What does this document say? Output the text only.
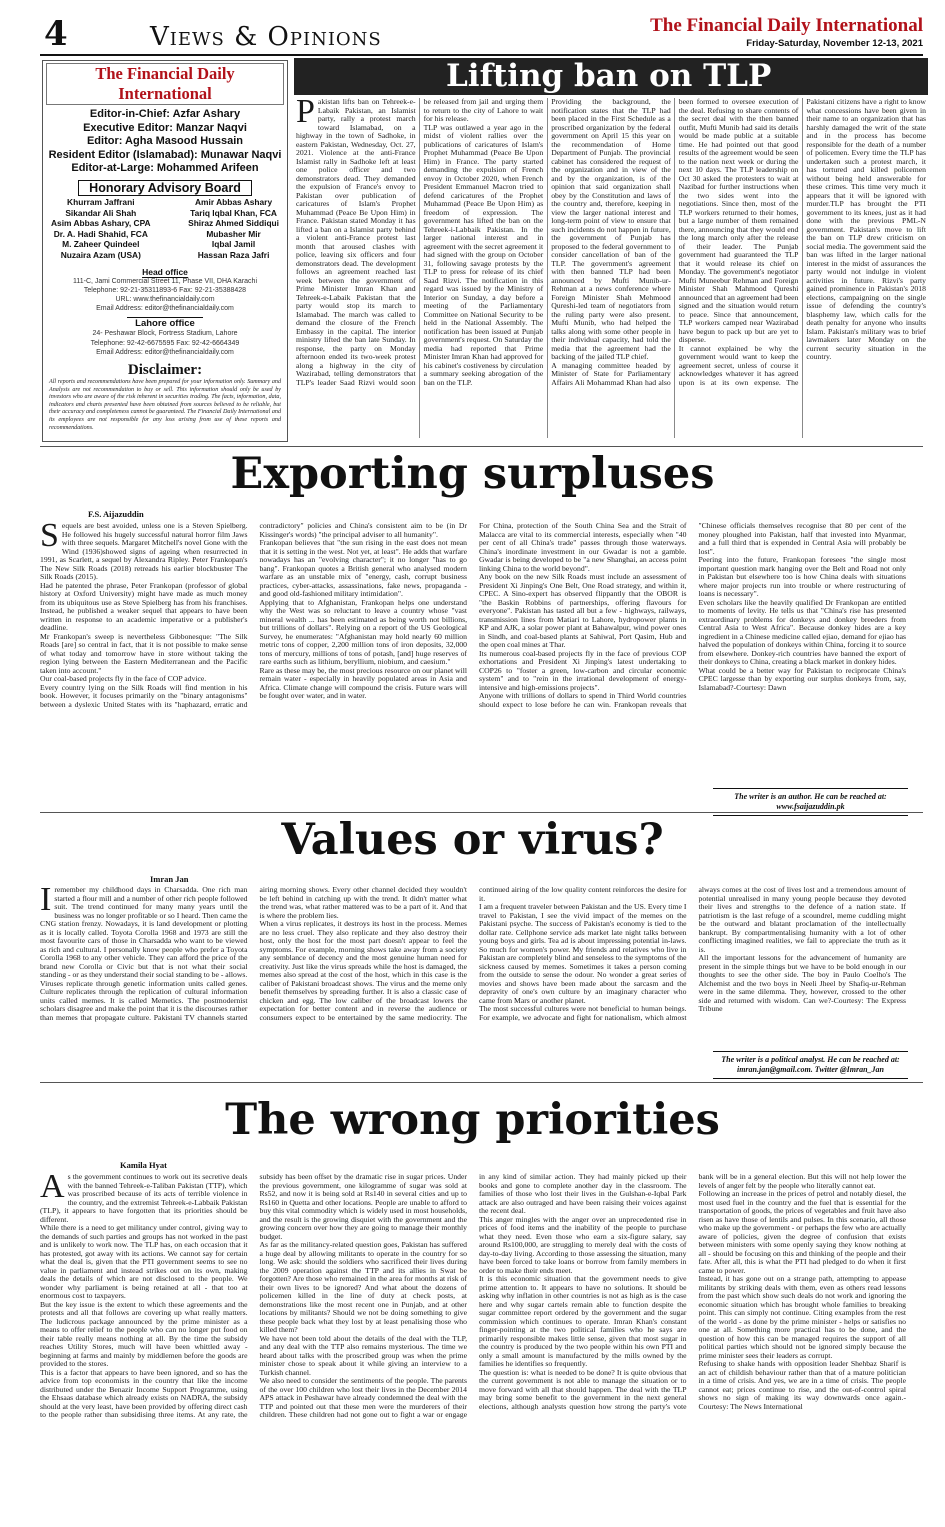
4	Views & Opinions	The Financial Daily International
Friday-Saturday, November 12-13, 2021
The Financial Daily International
Editor-in-Chief: Azfar Ashary
Executive Editor: Manzar Naqvi
Editor: Agha Masood Hussain
Resident Editor (Islamabad): Munawar Naqvi
Editor-at-Large: Mohammed Arifeen
Honorary Advisory Board
Khurram Jaffrani
Sikandar Ali Shah
Asim Abbas Ashary, CPA
Dr. A. Hadi Shahid, FCA
M. Zaheer Quindeel
Nuzaira Azam (USA)
Amir Abbas Ashary
Tariq Iqbal Khan, FCA
Shiraz Ahmed Siddiqui
Mubasher Mir
Iqbal Jamil
Hassan Raza Jafri
Head office
111-C, Jami Commercial Street 11, Phase VII, DHA Karachi
Telephone: 92-21-35311893-6 Fax: 92-21-35388428
URL: www.thefinancialdaily.com
Email Address: editor@thefinancialdaily.com
Lahore office
24- Peshawar Block, Fortress Stadium, Lahore
Telephone: 92-42-6675595 Fax: 92-42-6664349
Email Address: editor@thefinancialdaily.com
Disclaimer:
All reports and recommendations have been prepared for your information only. Summary and Analysis are not recommendation to buy or sell. This information should only be used by investors who are aware of the risk inherent in securities trading. The facts, information, data, indicators and charts presented have been obtained from sources believed to be reliable, but their accuracy and completeness cannot be guaranteed. The Financial Daily International and its employees are not responsible for any loss arising from use of these reports and recommendations.
Lifting ban on TLP

Pakistan lifts ban on Tehreek-e-Labaik Pakistan, an Islamist party, rally a protest march toward Islamabad, on a highway in the town of Sadhoke, in eastern Pakistan, Wednesday, Oct. 27, 2021. Violence at the anti-France Islamist rally in Sadhoke left at least one police officer and two demonstrators dead. They demanded the expulsion of France's envoy to Pakistan over publication of caricatures of Islam's Prophet Muhammad (Peace Be Upon Him) in France. Pakistan stated Monday it has lifted a ban on a Islamist party behind a violent anti-France protest last month that aroused clashes with police, leaving six officers and four demonstrators dead. The development follows an agreement reached last week between the government of Prime Minister Imran Khan and Tehreek-e-Labaik Pakistan that the party would stop its march to Islamabad. The march was called to demand the closure of the French Embassy in the capital. The interior ministry lifted the ban late Sunday. In response, the party on Monday afternoon ended its two-week protest along a highway in the city of Wazirabad, telling demonstrators that TLP's leader Saad Rizvi would soon be released from jail and urging them to return to the city of Lahore to wait for his release.

TLP was outlawed a year ago in the midst of violent rallies over the publications of caricatures of Islam's Prophet Muhammad (Peace Be Upon Him) in France. The party started demanding the expulsion of French envoy in October 2020, when French President Emmanuel Macron tried to defend caricatures of the Prophet Muhammad (Peace Be Upon Him) as freedom of expression. The government has lifted the ban on the Tehreek-i-Labbaik Pakistan. In the larger national interest and in agreement with the secret agreement it had signed with the group on October 31, following savage protests by the TLP to press for release of its chief Saad Rizvi. The notification in this regard was issued by the Ministry of Interior on Sunday, a day before a meeting of the Parliamentary Committee on National Security to be held in the National Assembly. The notification has been issued at Punjab government's request. On Saturday the media had reported that Prime Minister Imran Khan had approved for his cabinet's costiveness by circulation a summary seeking abrogation of the ban on the TLP.

Providing the background, the notification states that the TLP had been placed in the First Schedule as a proscribed organization by the federal government on April 15 this year on the recommendation of Home Department of Punjab. The provincial cabinet has considered the request of the organization and in view of the and by the organization, is of the opinion that said organization shall obey by the Constitution and laws of the country and, therefore, keeping in view the larger national interest and long-term point of view to ensure that such incidents do not happen in future, the government of Punjab has proposed to the federal government to consider cancellation of ban of the TLP. The government's agreement with then banned TLP had been announced by Mufti Munib-ur-Rehman at a news conference where Foreign Minister Shah Mehmood Qureshi-led team of negotiators from the ruling party were also present. Mufti Munib, who had helped the talks along with some other people in their individual capacity, had told the media that the agreement had the backing of the jailed TLP chief.

A managing committee headed by Minister of State for Parliamentary Affairs Ali Mohammad Khan had also been formed to oversee execution of the deal. Refusing to share contents of the secret deal with the then banned outfit, Mufti Munib had said its details would be made public at a suitable time. He had pointed out that good results of the agreement would be seen to the nation next week or during the next 10 days. The TLP leadership on Oct 30 asked the protesters to wait at Nazibad for further instructions when the two sides went into the negotiations. Since then, most of the TLP workers returned to their homes, but a large number of them remained there, announcing that they would end the long march only after the release of their leader. The Punjab government had guaranteed the TLP that it would release its chief on Monday. The government's negotiator Mufti Muneebur Rehman and Foreign Minister Shah Mahmood Qureshi announced that an agreement had been signed and the situation would return to peace. Since that announcement, TLP workers camped near Wazirabad have begun to pack up but are yet to disperse.

It cannot explained be why the government would want to keep the agreement secret, unless of course it acknowledges whatever it has agreed upon is at its own expense. The Pakistani citizens have a right to know what concessions have been given in their name to an organization that has harshly damaged the writ of the state and in the process has become responsible for the death of a number of policemen. Every time the TLP has undertaken such a protest march, it has tortured and killed policemen without being held answerable for these crimes. This time very much it appears that it will be ignored with murder.TLP has brought the PTI government to its knees, just as it had done with the previous PML-N government. Pakistan's move to lift the ban on TLP drew criticism on social media. The government said the ban was lifted in the larger national interest in the midst of assurances the party would not indulge in violent activities in future. Rizvi's party gained prominence in Pakistan's 2018 elections, campaigning on the single issue of defending the country's blasphemy law, which calls for the death penalty for anyone who insults Islam. Pakistan's military was to brief lawmakers later Monday on the current security situation in the country.

Exporting surpluses
F.S. Aijazuddin

Sequels are best avoided, unless one is a Steven Spielberg. He followed his hugely successful natural horror film Jaws with three sequels. Margaret Mitchell's novel Gone with the Wind (1936)showed signs of ageing when resurrected in 1991, as Scarlett, a sequel by Alexandra Ripley. Peter Frankopan's The New Silk Roads (2018) retreads his earlier blockbuster The Silk Roads (2015).

Had he patented the phrase, Peter Frankopan (professor of global history at Oxford University) might have made as much money from its ubiquitous use as Steve Spielberg has from his franchises. Instead, he published a weaker sequel that appears to have been written in response to an academic imperative or a publisher's deadline.

Mr Frankopan's sweep is nevertheless Gibbonesque: "The Silk Roads [are] so central in fact, that it is not possible to make sense of what today and tomorrow have in store without taking the region lying between the Eastern Mediterranean and the Pacific taken into account."

Our coal-based projects fly in the face of COP advice.

Every country lying on the Silk Roads will find mention in his book. However, it focuses primarily on the "binary antagonisms" between a dyslexic United States with its "haphazard, erratic and contradictory" policies and China's consistent aim to be (in Dr Kissinger's words) "the principal adviser to all humanity".

Frankopan believes that "the sun rising in the east does not mean that it is setting in the west. Not yet, at least". He adds that warfare nowadays has an "evolving character"; it no longer "has to go bang". Frankopan quotes a British general who analysed modern warfare as an unstable mix of "energy, cash, corrupt business practices, cyber-attacks, assassinations, fake news, propaganda - and good old-fashioned military intimidation".

Applying that to Afghanistan, Frankopan helps one understand why the West was so reluctant to leave a country whose "vast mineral wealth ... has been estimated as being worth not billions, but trillions of dollars". Relying on a report of the US Geological Survey, he enumerates: "Afghanistan may hold nearly 60 million metric tons of copper, 2,200 million tons of iron deposits, 32,000 tons of mercury, millions of tons of potash, [and] huge reserves of rare earths such as lithium, beryllium, niobium, and caesium."

Rare as these may be, the most precious resource on our planet will remain water - especially in heavily populated areas in Asia and Africa. Climate change will compound the crisis. Future wars will be fought over water, and in water.

For China, protection of the South China Sea and the Strait of Malacca are vital to its commercial interests, especially when "40 per cent of all China's trade" passes through those waterways. China's inordinate investment in our Gwadar is not a gamble. Gwadar is being developed to be "a new Shanghai, an access point linking China to the world beyond".

Any book on the new Silk Roads must include an assessment of President Xi Jinping's One Belt, One Road strategy, and within it, CPEC. A Sino-expert has observed flippantly that the OBOR is "the Baskin Robbins of partnerships, offering flavours for everyone". Pakistan has tasted all but a few - highways, railways, transmission lines from Matiari to Lahore, hydropower plants in KP and AJK, a solar power plant at Bahawalpur, wind power ones in Sindh, and coal-based plants at Sahiwal, Port Qasim, Hub and the open coal mines at Thar.

Its numerous coal-based projects fly in the face of previous COP exhortations and President Xi Jinping's latest undertaking to COP26 to "foster a green, low-carbon and circular economic system" and to "rein in the irrational development of energy-intensive and high-emissions projects".

Anyone with trillions of dollars to spend in Third World countries should expect to lose before he can win. Frankopan reveals that "Chinese officials themselves recognise that 80 per cent of the money ploughed into Pakistan, half that invested into Myanmar, and a full third that is expended in Central Asia will probably be lost".

Peering into the future, Frankopan foresees "the single most important question mark hanging over the Belt and Road not only in Pakistan but elsewhere too is how China deals with situations where major projects run into trouble or where restructuring of loans is necessary".

Even scholars like the heavily qualified Dr Frankopan are entitled to moments of levity. He tells us that "China's rise has presented extraordinary problems for donkeys and donkey breeders from Central Asia to West Africa". Because donkey hides are a key ingredient in a Chinese medicine called ejiao, demand for ejiao has halved the population of donkeys within China, forcing it to source from elsewhere. Donkey-rich countries have banned the export of their donkeys to China, creating a black market in donkey hides.

What could be a better way for Pakistan to reciprocate China's CPEC largesse than by exporting our surplus donkeys from, say, Islamabad?-Courtesy: Dawn

The writer is an author. He can be reached at: www.fsaijazuddin.pk
Values or virus?
Imran Jan

Iremember my childhood days in Charsadda. One rich man started a flour mill and a number of other rich people followed suit. The trend continued for many many years until the business was no longer profitable or so I heard. Then came the CNG station frenzy. Nowadays, it is land development or plotting as it is locally called. Toyota Corolla 1968 and 1973 are still the most favourite cars of those in Charsadda who want to be viewed as rich and cultural. I personally know people who prefer a Toyota Corolla 1968 to any other vehicle. They can afford the price of the brand new Corolla or Civic but that is not what their social standing - or as they understand their social standing to be - allows.

Viruses replicate through genetic information units called genes. Culture replicates through the replication of cultural information units called memes. It is called Memetics. The postmodernist scholars disagree and make the point that it is the discourses rather than memes that propagate culture. Pakistani TV channels started airing morning shows. Every other channel decided they wouldn't be left behind in catching up with the trend. It didn't matter what the trend was, what rather mattered was to be a part of it. And that is where the problem lies.

When a virus replicates, it destroys its host in the process. Memes are no less cruel. They also replicate and they also destroy their host, only the host for the most part doesn't appear to feel the symptoms. For example, morning shows take away from a society any semblance of decency and the most genuine human need for creativity. Just like the virus spreads while the host is damaged, the memes also spread at the cost of the host, which in this case is the caliber of Pakistani broadcast shows. The virus and the meme only benefit themselves by spreading further. It is also a classic case of chicken and egg. The low caliber of the broadcast lowers the expectation for better content and in reverse the audience or consumers expect to be entertained by the same mediocrity. The continued airing of the low quality content reinforces the desire for it.

I am a frequent traveler between Pakistan and the US. Every time I travel to Pakistan, I see the vivid impact of the memes on the Pakistani psyche. The success of Pakistan's economy is tied to the dollar rate. Cellphone service ads market late night talks between young boys and girls. Tea ad is about impressing potential in-laws. So much for women's power. My friends and relatives who live in Pakistan are completely blind and senseless to the symptoms of the sickness caused by memes. Sometimes it takes a person coming from the outside to sense the odour. No wonder a great series of movies and shows have been made about the sarcasm and the depravity of one's own culture by an imaginary character who came from Mars or another planet.

The most successful cultures were not beneficial to human beings. For example, we advocate and fight for nationalism, which almost always comes at the cost of lives lost and a tremendous amount of potential unrealised in many young people because they devoted their lives and strengths to the defence of a nation state. If patriotism is the last refuge of a scoundrel, meme cuddling might be the outward and blatant proclamation of the intellectually bankrupt. By compartmentalising humanity with a lot of other conflicting imagined realities, we fail to appreciate the truth as it is.

All the important lessons for the advancement of humanity are present in the simple things but we have to be bold enough in our thoughts to see the other side. The boy in Paulo Coelho's The Alchemist and the two boys in Neeli Jheel by Shafiq-ur-Rehman were in the same dilemma. They, however, crossed to the other side and returned with wisdom. Can we?-Courtesy: The Express Tribune

The writer is a political analyst. He can be reached at: imran.jan@gmail.com. Twitter @Imran_Jan
The wrong priorities
Kamila Hyat

As the government continues to work out its secretive deals with the banned Tehreek-e-Taliban Pakistan (TTP), which was proscribed because of its acts of terrible violence in the country, and the extremist Tehreek-e-Labbaik Pakistan (TLP), it appears to have forgotten that its priorities should be different.

While there is a need to get militancy under control, giving way to the demands of such parties and groups has not worked in the past and is unlikely to work now. The TLP has, on each occasion that it has protested, got away with its actions. We cannot say for certain what the deal is, given that the PTI government seems to see no value in parliament and instead strikes out on its own, making deals the details of which are not disclosed to the people. We wonder why parliament is being retained at all - that too at enormous cost to taxpayers.

But the key issue is the extent to which these agreements and the protests and all that follows are covering up what really matters. The ludicrous package announced by the prime minister as a means to offer relief to the people who can no longer put food on their table really means nothing at all. By the time the subsidy reaches Utility Stores, much will have been whittled away - beginning at farms and mainly by middlemen before the goods are provided to the stores.

This is a factor that appears to have been ignored, and so has the advice from top economists in the country that like the income distributed under the Benazir Income Support Programme, using the Ehsaas database which already exists on NADRA, the subsidy should at the very least, have been provided by offering direct cash to the people rather than subsidising three items. At any rate, the subsidy has been offset by the dramatic rise in sugar prices. Under the previous government, one kilogramme of sugar was sold at Rs52, and now it is being sold at Rs140 in several cities and up to Rs160 in Quetta and other locations. People are unable to afford to buy this vital commodity which is widely used in most households, and the result is the growing disquiet with the government and the growing concern over how they are going to manage their monthly budget.

As far as the militancy-related question goes, Pakistan has suffered a huge deal by allowing militants to operate in the country for so long. We ask: should the soldiers who sacrificed their lives during the 2009 operation against the TTP and its allies in Swat be forgotten? Are those who remained in the area for months at risk of their own lives to be ignored? And what about the dozens of policemen killed in the line of duty at check posts, at demonstrations like the most recent one in Punjab, and at other locations by militants? Should we not be doing something to give these people back what they lost by at least penalising those who killed them?

We have not been told about the details of the deal with the TLP, and any deal with the TTP also remains mysterious. The time we heard about talks with the proscribed group was when the prime minister chose to speak about it while giving an interview to a Turkish channel.

We also need to consider the sentiments of the people. The parents of the over 100 children who lost their lives in the December 2014 APS attack in Peshawar have already condemned the deal with the TTP and pointed out that these men were the murderers of their children. These children had not gone out to fight a war or engage in any kind of similar action. They had mainly picked up their books and gone to complete another day in the classroom. The families of those who lost their lives in the Gulshan-e-Iqbal Park attack are also outraged and have been raising their voices against the recent deal.

This anger mingles with the anger over an unprecedented rise in prices of food items and the inability of the people to purchase what they need. Even those who earn a six-figure salary, say around Rs100,000, are struggling to merely deal with the costs of day-to-day living. According to those assessing the situation, many have been forced to take loans or borrow from family members in order to make their ends meet.

It is this economic situation that the government needs to give prime attention to. It appears to have no solutions. It should be asking why inflation in other countries is not as high as is the case here and why sugar cartels remain able to function despite the sugar committee report ordered by the government and the sugar commission which continues to operate. Imran Khan's constant finger-pointing at the two political families who he says are primarily responsible makes little sense, given that most sugar in the country is produced by the two people within his own PTI and only a small amount is manufactured by the mills owned by the families he identifies so frequently.

The question is: what is needed to be done? It is quite obvious that the current government is not able to manage the situation or to move forward with all that should happen. The deal with the TLP may bring some benefit to the government in the next general elections, although analysts question how strong the party's vote bank will be in a general election. But this will not help lower the levels of anger felt by the people who literally cannot eat.

Following an increase in the prices of petrol and notably diesel, the most used fuel in the country and the fuel that is essential for the transportation of goods, the prices of vegetables and fruit have also risen as have those of lentils and pulses. In this scenario, all those who make up the government - or perhaps the few who are actually aware of policies, given the degree of confusion that exists between ministers with some openly saying they know nothing at all - should be focusing on this and thinking of the people and their fate. After all, this is what the PTI had pledged to do when it first came to power.

Instead, it has gone out on a strange path, attempting to appease militants by striking deals with them, even as others read lessons from the past which show such deals do not work and ignoring the economic situation which has brought whole families to breaking point. This can simply not continue. Citing examples from the rest of the world - as done by the prime minister - helps or satisfies no one at all. Something more practical has to be done, and the question of how this can be managed requires the support of all political parties which should not be ignored simply because the prime minister sees their leaders as corrupt.

Refusing to shake hands with opposition leader Shehbaz Sharif is an act of childish behaviour rather than that of a mature politician in a time of crisis. And yes, we are in a time of crisis. The people cannot eat; prices continue to rise, and the out-of-control spiral shows no sign of making its way downwards once again.-Courtesy: The News International
